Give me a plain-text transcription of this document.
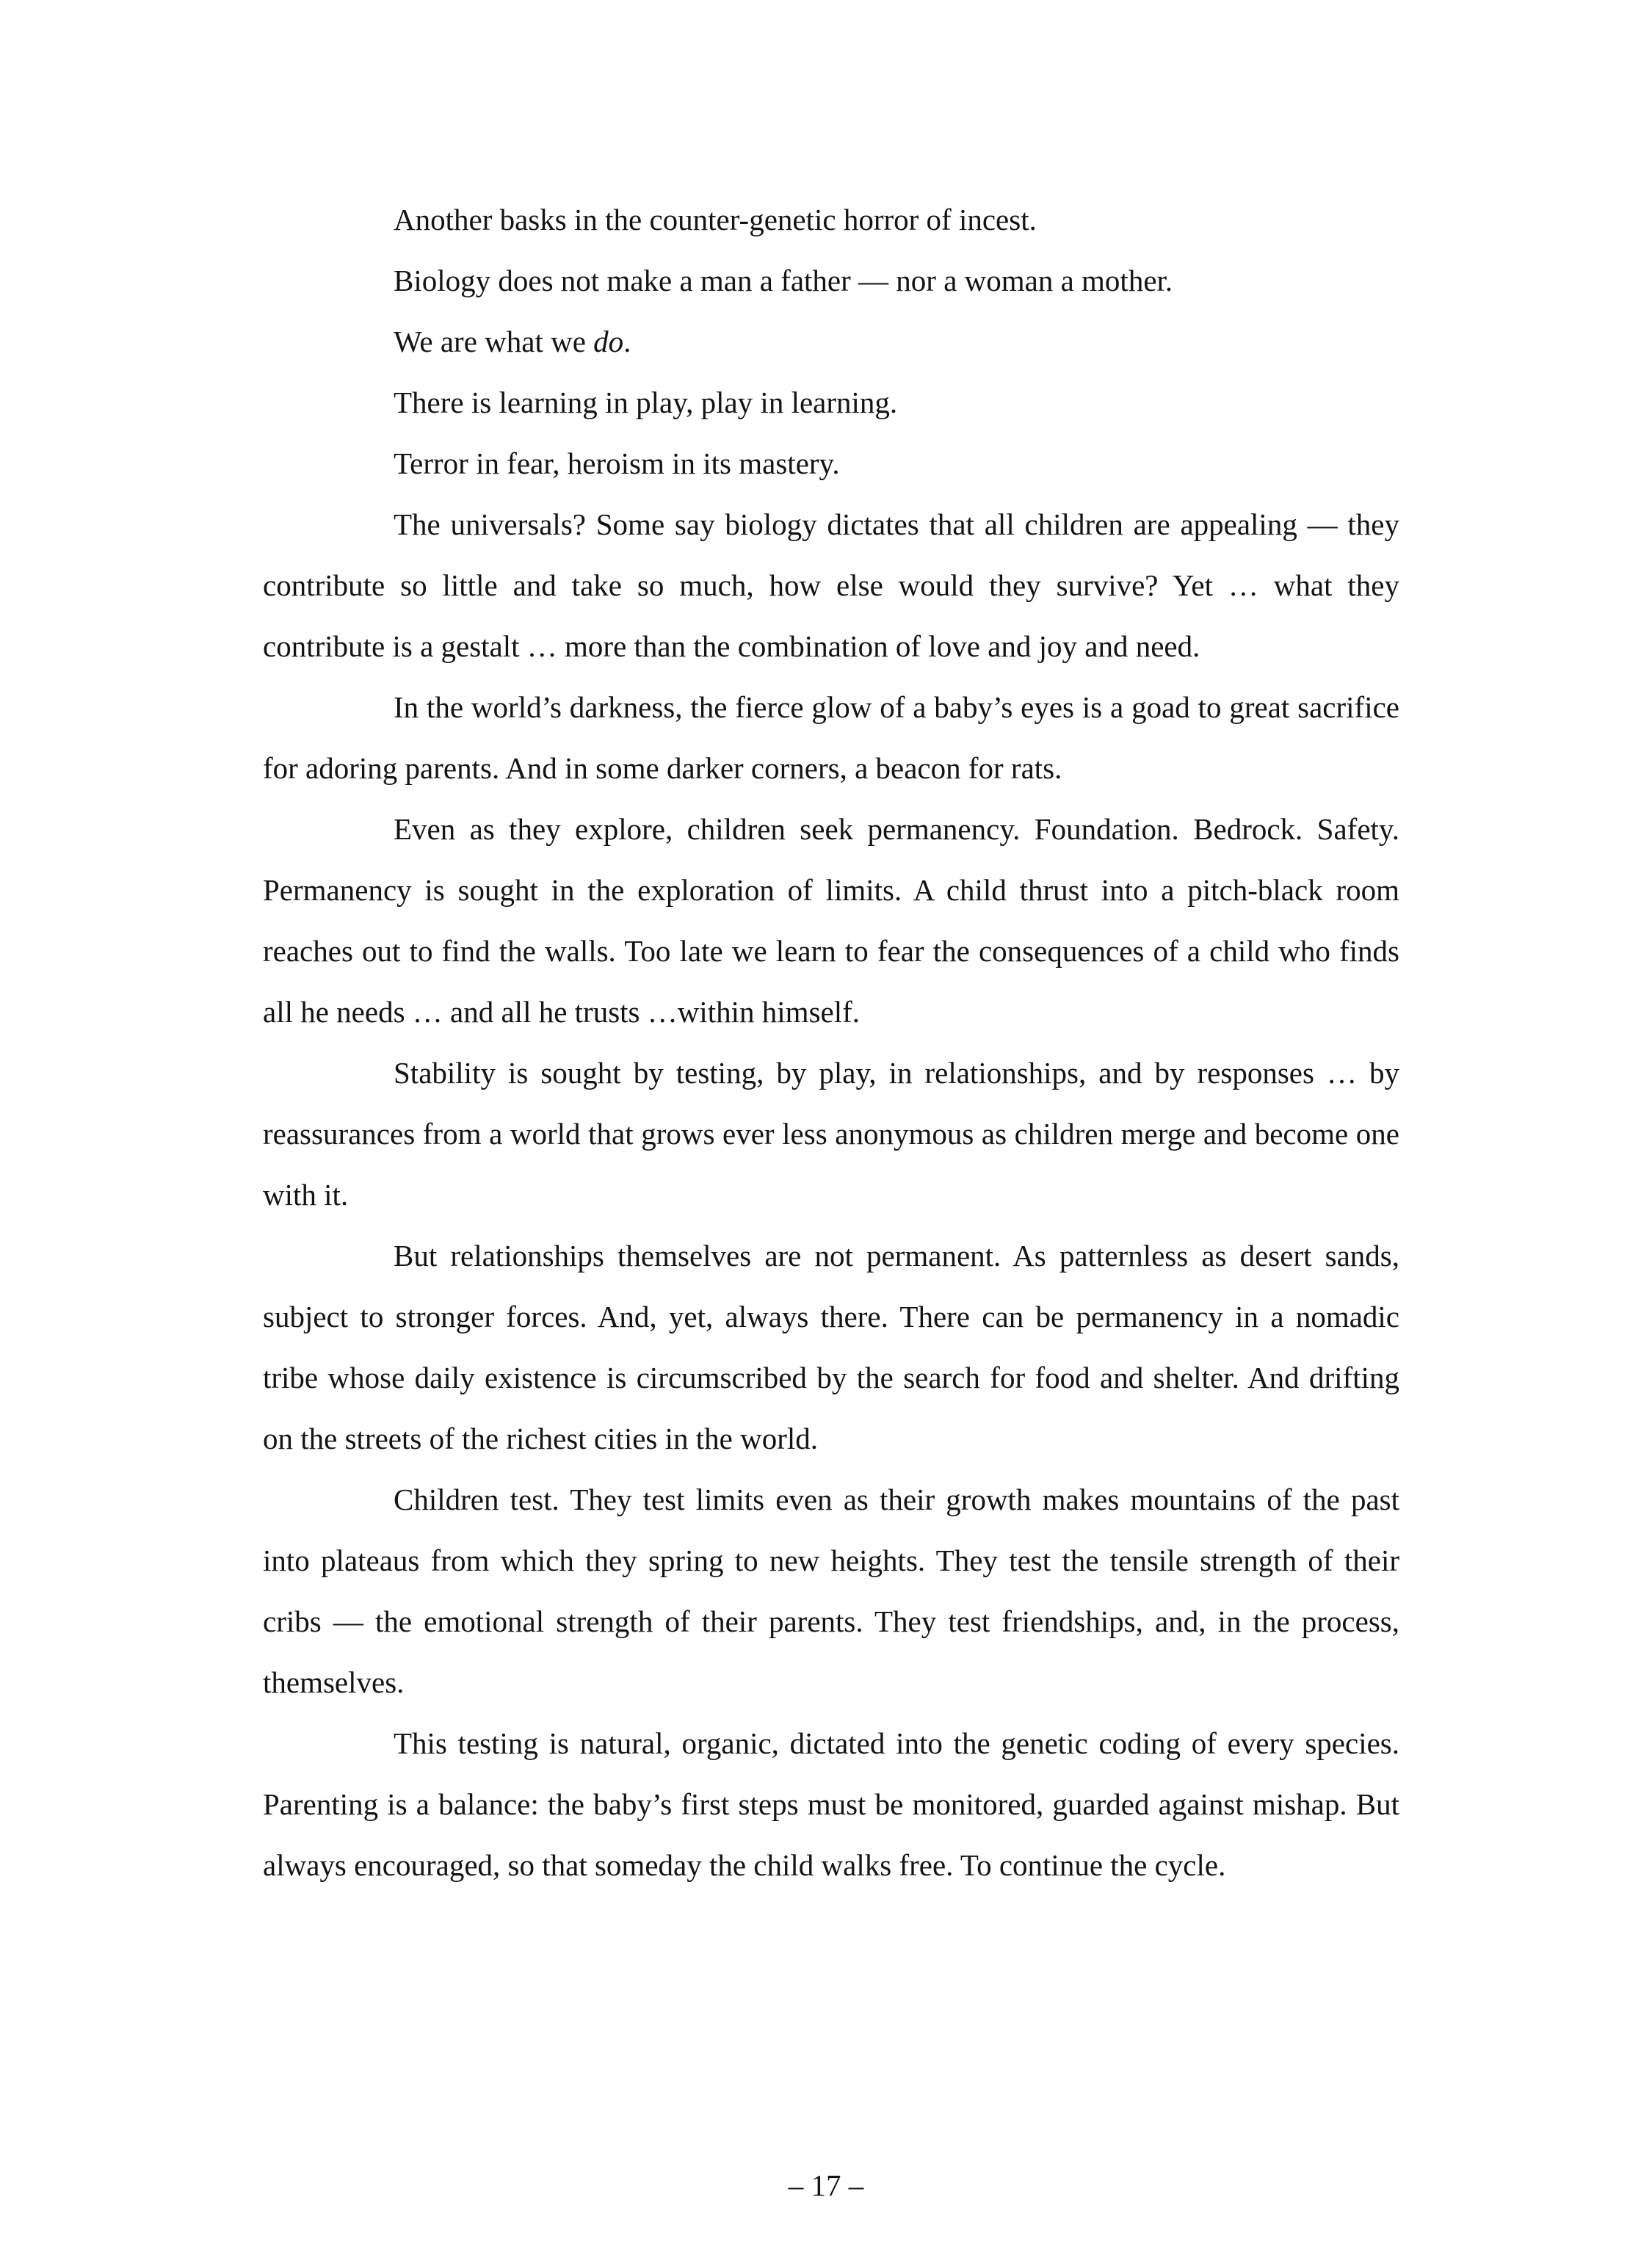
Another basks in the counter-genetic horror of incest.

Biology does not make a man a father — nor a woman a mother.

We are what we do.

There is learning in play, play in learning.

Terror in fear, heroism in its mastery.

The universals? Some say biology dictates that all children are appealing — they contribute so little and take so much, how else would they survive? Yet … what they contribute is a gestalt … more than the combination of love and joy and need.

In the world’s darkness, the fierce glow of a baby’s eyes is a goad to great sacrifice for adoring parents. And in some darker corners, a beacon for rats.

Even as they explore, children seek permanency. Foundation. Bedrock. Safety. Permanency is sought in the exploration of limits. A child thrust into a pitch-black room reaches out to find the walls. Too late we learn to fear the consequences of a child who finds all he needs … and all he trusts …within himself.

Stability is sought by testing, by play, in relationships, and by responses … by reassurances from a world that grows ever less anonymous as children merge and become one with it.

But relationships themselves are not permanent. As patternless as desert sands, subject to stronger forces. And, yet, always there. There can be permanency in a nomadic tribe whose daily existence is circumscribed by the search for food and shelter. And drifting on the streets of the richest cities in the world.

Children test. They test limits even as their growth makes mountains of the past into plateaus from which they spring to new heights. They test the tensile strength of their cribs — the emotional strength of their parents. They test friendships, and, in the process, themselves.

This testing is natural, organic, dictated into the genetic coding of every species. Parenting is a balance: the baby’s first steps must be monitored, guarded against mishap. But always encouraged, so that someday the child walks free. To continue the cycle.

– 17 –
